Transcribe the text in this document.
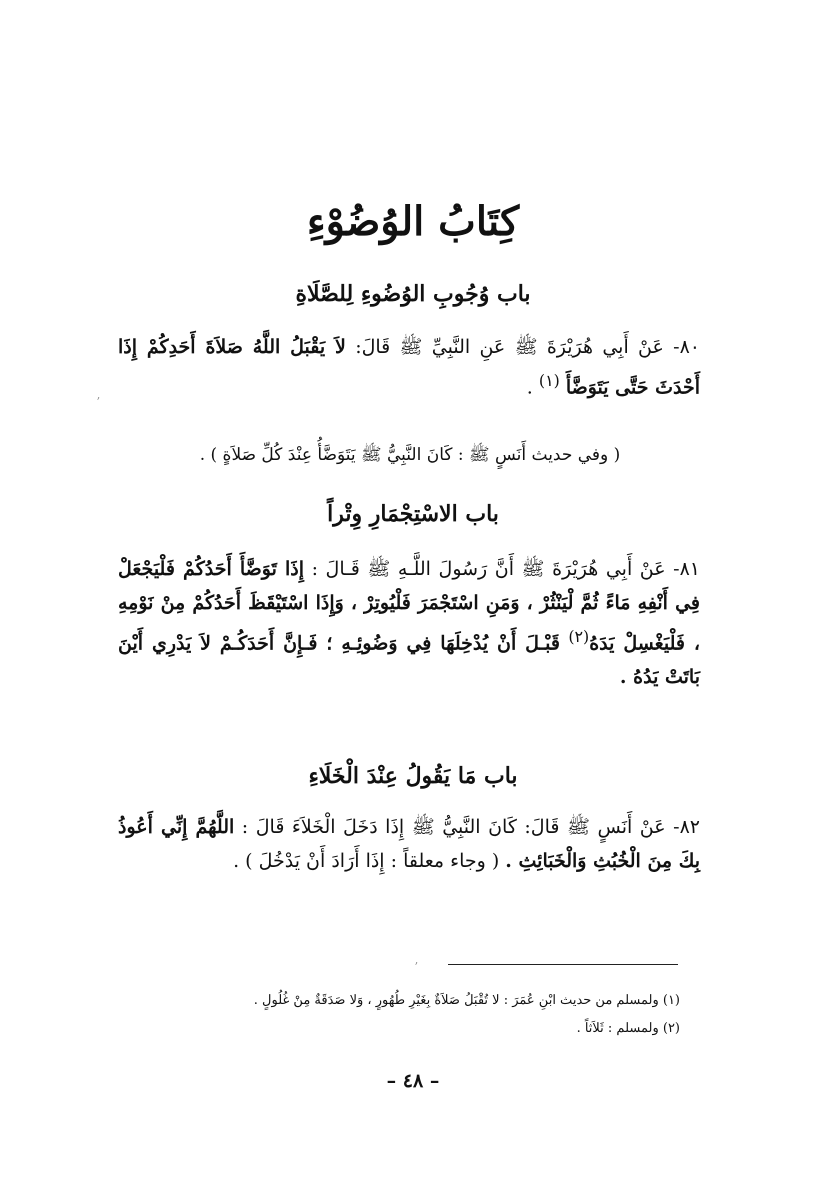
كِتَابُ الوُضُوْءِ
باب وُجُوبِ الوُضُوءِ لِلصَّلَاةِ
٨٠- عَنْ أَبِي هُرَيْرَةَ ﷺ عَنِ النَّبِيِّ ﷺ قَالَ: لاَ يَقْبَلُ اللَّهُ صَلاَةَ أَحَدِكُمْ إِذَا أَحْدَثَ حَتَّى يَتَوَضَّأَ $^{(١)}$ .
( وفي حديث أَنَسٍ ﷺ : كَانَ النَّبِيُّ ﷺ يَتَوَضَّأُ عِنْدَ كُلِّ صَلاَةٍ ) .
باب الاسْتِجْمَارِ وِتْراً
٨١- عَنْ أَبِي هُرَيْرَةَ ﷺ أَنَّ رَسُولَ اللَّـهِ ﷺ قَـالَ : إِذَا تَوَضَّأَ أَحَدُكُمْ فَلْيَجْعَلْ فِي أَنْفِهِ مَاءً ثُمَّ لْيَنْثُرْ ، وَمَنِ اسْتَجْمَرَ فَلْيُوتِرْ ، وَإِذَا اسْتَيْقَظَ أَحَدُكُمْ مِنْ نَوْمِهِ ، فَلْيَغْسِلْ يَدَهُ$^{(٢)}$ قَبْـلَ أَنْ يُدْخِلَهَا فِي وَضُوئِـهِ ؛ فَـإِنَّ أَحَدَكُـمْ لاَ يَدْرِي أَيْنَ بَاتَتْ يَدُهُ .
باب مَا يَقُولُ عِنْدَ الْخَلَاءِ
٨٢- عَنْ أَنَسٍ ﷺ قَالَ: كَانَ النَّبِيُّ ﷺ إِذَا دَخَلَ الْخَلاَءَ قَالَ : اللَّهُمَّ إِنِّي أَعُوذُ بِكَ مِنَ الْخُبُثِ وَالْخَبَائِثِ . ( وجاء معلقاً : إِذَا أَرَادَ أَنْ يَدْخُلَ ) .
(١) ولمسلم من حديث ابْنِ عُمَرَ : لا تُقْبَلُ صَلاَةٌ بِغَيْرِ طُهُورٍ ، وَلا صَدَقَةٌ مِنْ غُلُولٍ .
(٢) ولمسلم : ثَلاَثاً .
– ٤٨ –
ʼ
ʼ
